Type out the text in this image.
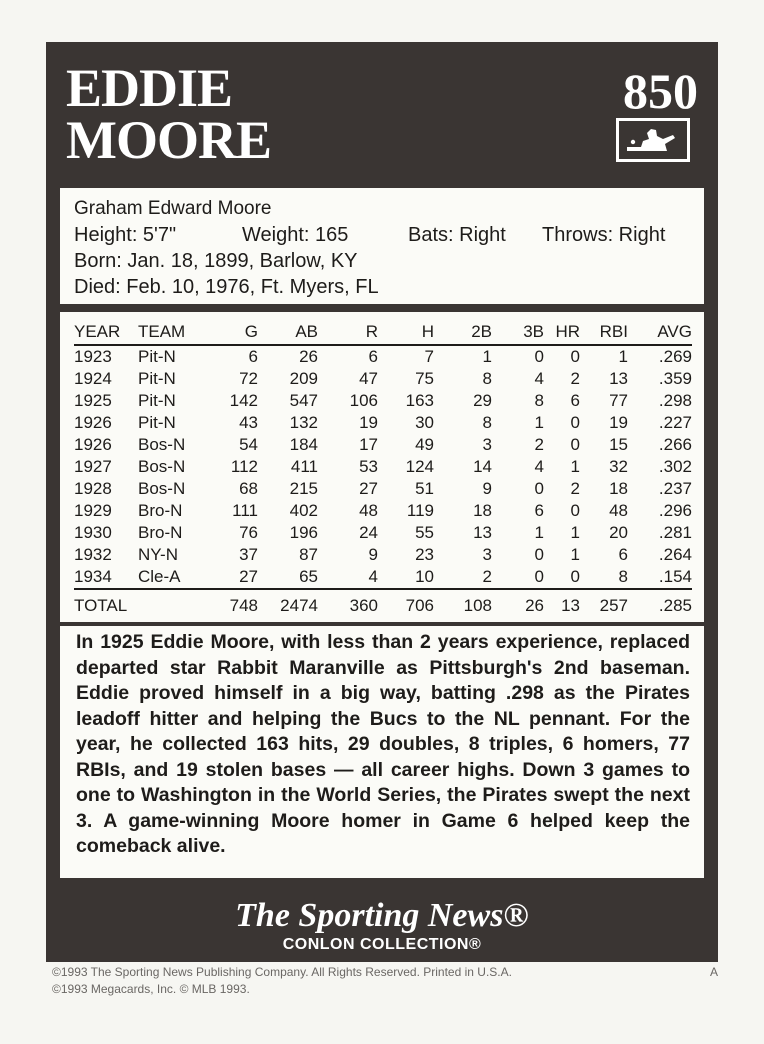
EDDIE
MOORE
850
Graham Edward Moore
Height: 5'7"	Weight: 165	Bats: Right Throws: Right
Born: Jan. 18, 1899, Barlow, KY
Died: Feb. 10, 1976, Ft. Myers, FL
YEAR	TEAM	G	AB	R	H	2B	3B	HR	RBI	AVG
1923	Pit-N	6	26	6	7	1	0	0	1	.269
1924	Pit-N	72	209	47	75	8	4	2	13	.359
1925	Pit-N	142	547	106	163	29	8	6	77	.298
1926	Pit-N	43	132	19	30	8	1	0	19	.227
1926	Bos-N	54	184	17	49	3	2	0	15	.266
1927	Bos-N	112	411	53	124	14	4	1	32	.302
1928	Bos-N	68	215	27	51	9	0	2	18	.237
1929	Bro-N	111	402	48	119	18	6	0	48	.296
1930	Bro-N	76	196	24	55	13	1	1	20	.281
1932	NY-N	37	87	9	23	3	0	1	6	.264
1934	Cle-A	27	65	4	10	2	0	0	8	.154
TOTAL		748	2474	360	706	108	26	13	257	.285
In 1925 Eddie Moore, with less than 2 years experience, replaced departed star Rabbit Maranville as Pittsburgh's 2nd baseman. Eddie proved himself in a big way, batting .298 as the Pirates leadoff hitter and helping the Bucs to the NL pennant. For the year, he collected 163 hits, 29 doubles, 8 triples, 6 homers, 77 RBIs, and 19 stolen bases — all career highs. Down 3 games to one to Washington in the World Series, the Pirates swept the next 3. A game-winning Moore homer in Game 6 helped keep the comeback alive.
The Sporting News®
CONLON COLLECTION®
©1993 The Sporting News Publishing Company. All Rights Reserved. Printed in U.S.A.
©1993 Megacards, Inc. © MLB 1993.
A
